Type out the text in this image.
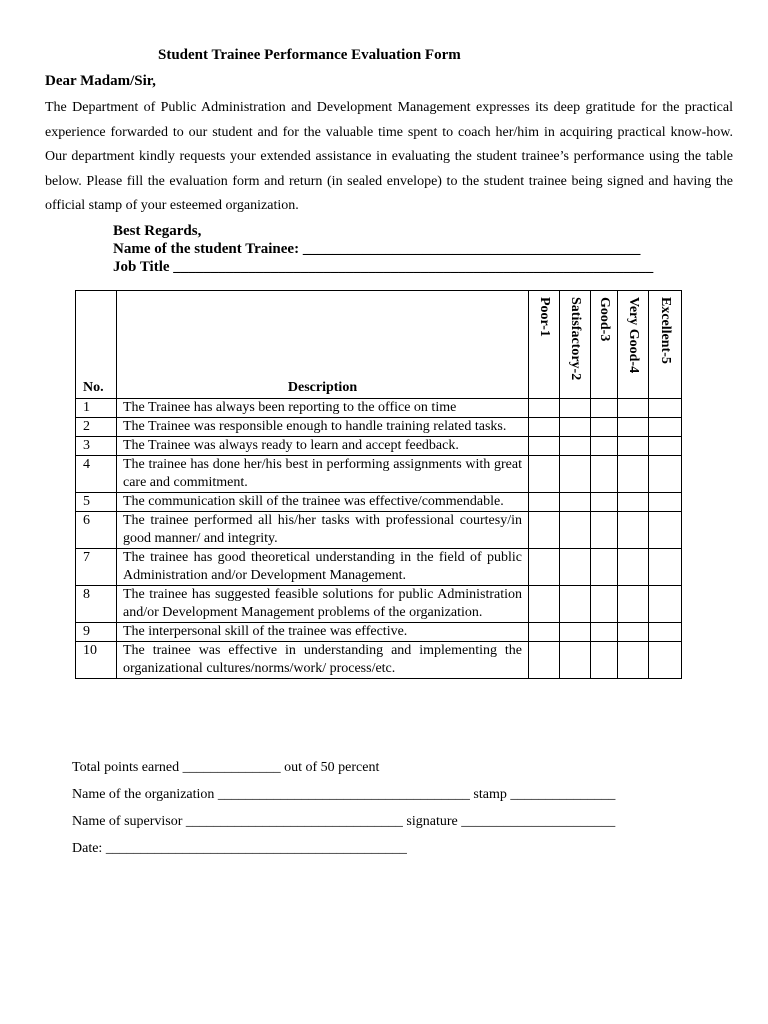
Student Trainee Performance Evaluation Form
Dear Madam/Sir,
The Department of Public Administration and Development Management expresses its deep gratitude for the practical experience forwarded to our student and for the valuable time spent to coach her/him in acquiring practical know-how. Our department kindly requests your extended assistance in evaluating the student trainee’s performance using the table below. Please fill the evaluation form and return (in sealed envelope) to the student trainee being signed and having the official stamp of your esteemed organization.
Best Regards,
Name of the student Trainee: _____________________________________________
Job Title ________________________________________________________________
No.	Description	Poor-1	Satisfactory-2	Good-3	Very Good-4	Excellent-5

1	The Trainee has always been reporting to the office on time					
2	The Trainee was responsible enough to handle training related tasks.					
3	The Trainee was always ready to learn and accept feedback.					
4	The trainee has done her/his best in performing assignments with great care and commitment.					
5	The communication skill of the trainee was effective/commendable.					
6	The trainee performed all his/her tasks with professional courtesy/in good manner/ and integrity.					
7	The trainee has good theoretical understanding in the field of public Administration and/or Development Management.					
8	The trainee has suggested feasible solutions for public Administration and/or Development Management problems of the organization.					
9	The interpersonal skill of the trainee was effective.					
10	The trainee was effective in understanding and implementing the organizational cultures/norms/work/ process/etc.					
Total points earned ______________ out of 50 percent
Name of the organization ____________________________________ stamp _______________
Name of supervisor _______________________________ signature ______________________
Date: ___________________________________________
